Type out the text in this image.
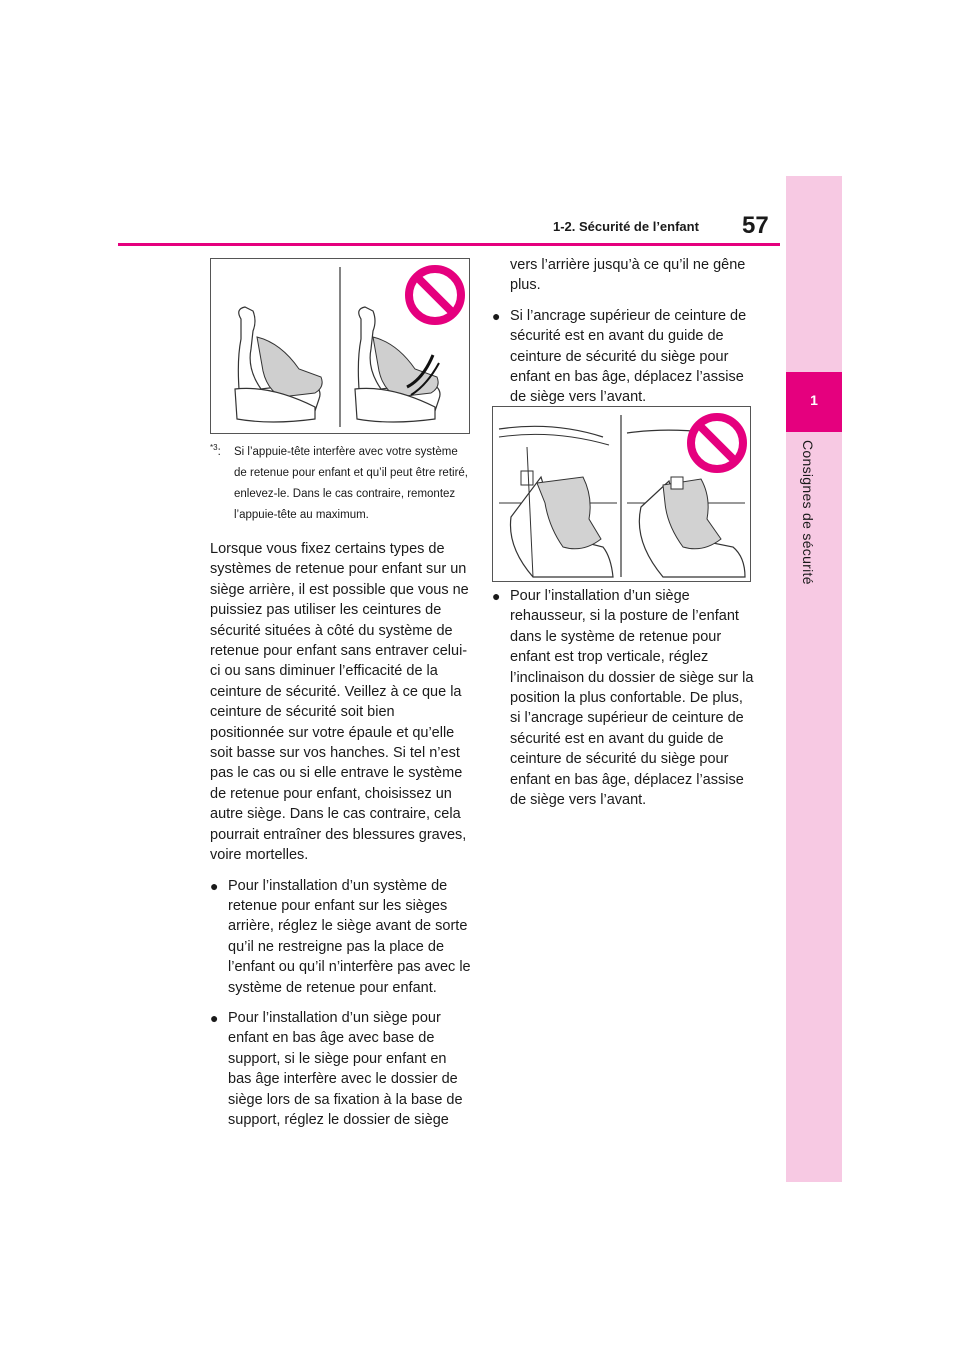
1
Consignes de sécurité
1-2. Sécurité de l’enfant 57
$^{*3}$:	Si l’appuie-tête interfère avec votre système de retenue pour enfant et qu’il peut être retiré, enlevez-le. Dans le cas contraire, remontez l’appuie-tête au maximum.

Lorsque vous fixez certains types de systèmes de retenue pour enfant sur un siège arrière, il est possible que vous ne puissiez pas utiliser les ceintures de sécurité situées à côté du système de retenue pour enfant sans entraver celui-ci ou sans diminuer l’efficacité de la ceinture de sécurité. Veillez à ce que la ceinture de sécurité soit bien positionnée sur votre épaule et qu’elle soit basse sur vos hanches. Si tel n’est pas le cas ou si elle entrave le système de retenue pour enfant, choisissez un autre siège. Dans le cas contraire, cela pourrait entraîner des blessures graves, voire mortelles.

● Pour l’installation d’un système de retenue pour enfant sur les sièges arrière, réglez le siège avant de sorte qu’il ne restreigne pas la place de l’enfant ou qu’il n’interfère pas avec le système de retenue pour enfant.
● Pour l’installation d’un siège pour enfant en bas âge avec base de support, si le siège pour enfant en bas âge interfère avec le dossier de siège lors de sa fixation à la base de support, réglez le dossier de siège

vers l’arrière jusqu’à ce qu’il ne gêne plus.

● Si l’ancrage supérieur de ceinture de sécurité est en avant du guide de ceinture de sécurité du siège pour enfant en bas âge, déplacez l’assise de siège vers l’avant.
● Pour l’installation d’un siège rehausseur, si la posture de l’enfant dans le système de retenue pour enfant est trop verticale, réglez l’inclinaison du dossier de siège sur la position la plus confortable. De plus, si l’ancrage supérieur de ceinture de sécurité est en avant du guide de ceinture de sécurité du siège pour enfant en bas âge, déplacez l’assise de siège vers l’avant.
